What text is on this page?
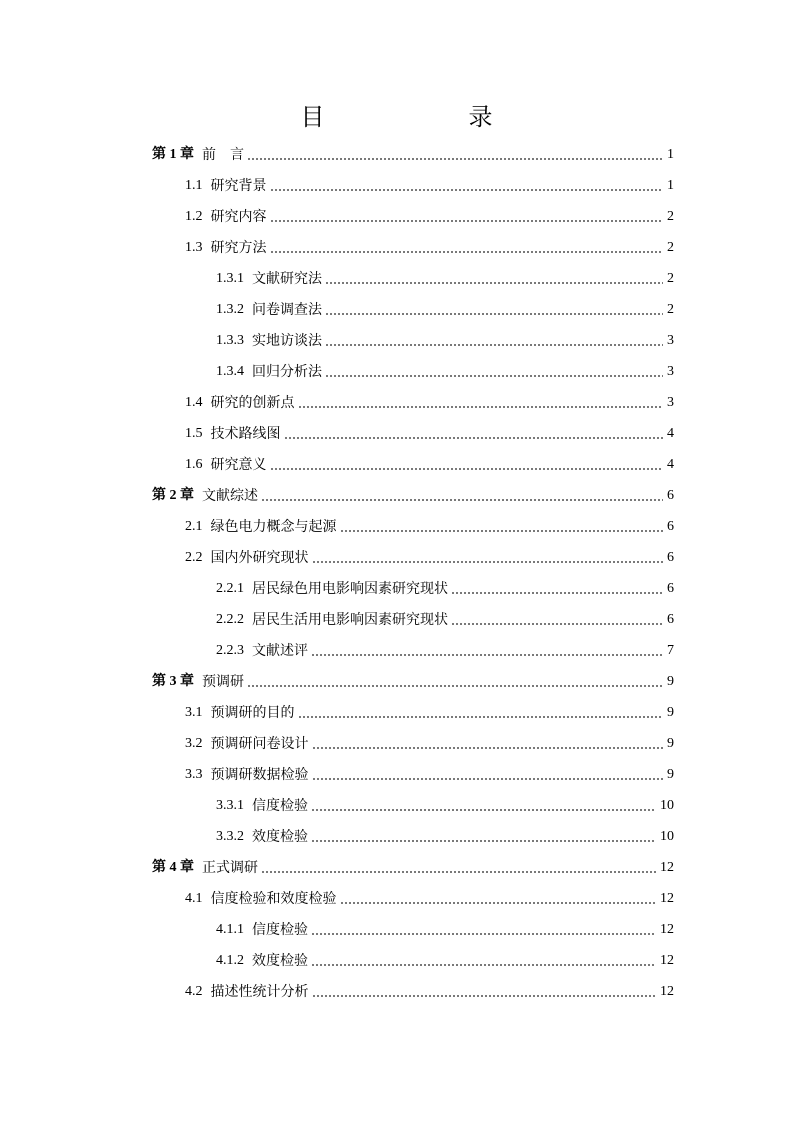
目　　录
第 1 章 前　言	1
1.1 研究背景	1
1.2 研究内容	2
1.3 研究方法	2
1.3.1 文献研究法	2
1.3.2 问卷调查法	2
1.3.3 实地访谈法	3
1.3.4 回归分析法	3
1.4 研究的创新点	3
1.5 技术路线图	4
1.6 研究意义	4
第 2 章 文献综述	6
2.1 绿色电力概念与起源	6
2.2 国内外研究现状	6
2.2.1 居民绿色用电影响因素研究现状	6
2.2.2 居民生活用电影响因素研究现状	6
2.2.3 文献述评	7
第 3 章 预调研	9
3.1 预调研的目的	9
3.2 预调研问卷设计	9
3.3 预调研数据检验	9
3.3.1 信度检验	10
3.3.2 效度检验	10
第 4 章 正式调研	12
4.1 信度检验和效度检验	12
4.1.1 信度检验	12
4.1.2 效度检验	12
4.2 描述性统计分析	12
